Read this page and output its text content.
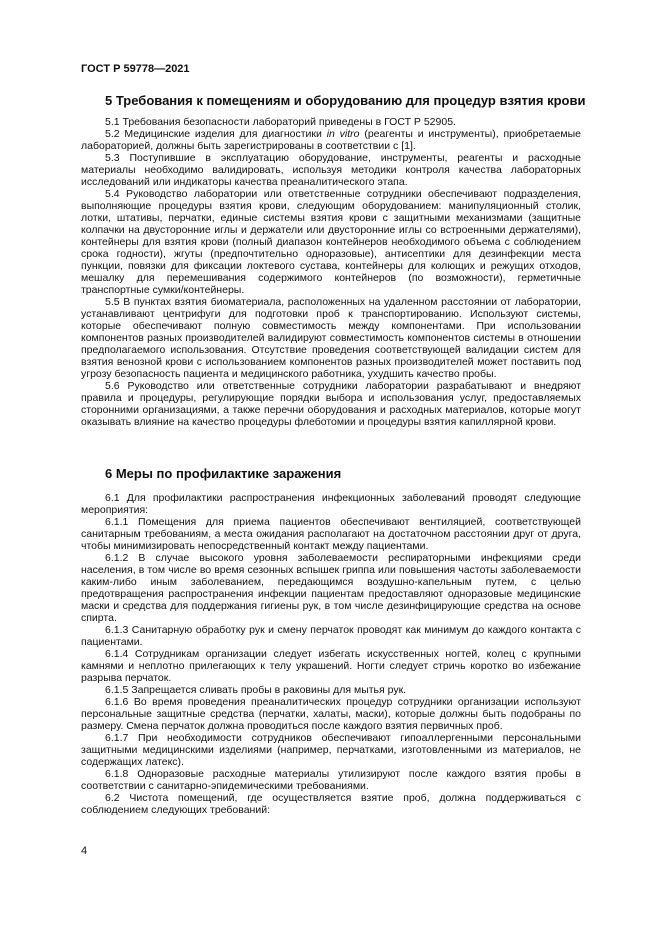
ГОСТ Р 59778—2021
5 Требования к помещениям и оборудованию для процедур взятия крови

5.1 Требования безопасности лабораторий приведены в ГОСТ Р 52905.

5.2 Медицинские изделия для диагностики in vitro (реагенты и инструменты), приобретаемые лабораторией, должны быть зарегистрированы в соответствии с [1].

5.3 Поступившие в эксплуатацию оборудование, инструменты, реагенты и расходные материалы необходимо валидировать, используя методики контроля качества лабораторных исследований или индикаторы качества преаналитического этапа.

5.4 Руководство лаборатории или ответственные сотрудники обеспечивают подразделения, выполняющие процедуры взятия крови, следующим оборудованием: манипуляционный столик, лотки, штативы, перчатки, единые системы взятия крови с защитными механизмами (защитные колпачки на двусторонние иглы и держатели или двусторонние иглы со встроенными держателями), контейнеры для взятия крови (полный диапазон контейнеров необходимого объема с соблюдением срока годности), жгуты (предпочтительно одноразовые), антисептики для дезинфекции места пункции, повязки для фиксации локтевого сустава, контейнеры для колющих и режущих отходов, мешалку для перемешивания содержимого контейнеров (по возможности), герметичные транспортные сумки/контейнеры.

5.5 В пунктах взятия биоматериала, расположенных на удаленном расстоянии от лаборатории, устанавливают центрифуги для подготовки проб к транспортированию. Используют системы, которые обеспечивают полную совместимость между компонентами. При использовании компонентов разных производителей валидируют совместимость компонентов системы в отношении предполагаемого использования. Отсутствие проведения соответствующей валидации систем для взятия венозной крови с использованием компонентов разных производителей может поставить под угрозу безопасность пациента и медицинского работника, ухудшить качество пробы.

5.6 Руководство или ответственные сотрудники лаборатории разрабатывают и внедряют правила и процедуры, регулирующие порядки выбора и использования услуг, предоставляемых сторонними организациями, а также перечни оборудования и расходных материалов, которые могут оказывать влияние на качество процедуры флеботомии и процедуры взятия капиллярной крови.

6 Меры по профилактике заражения

6.1 Для профилактики распространения инфекционных заболеваний проводят следующие мероприятия:

6.1.1 Помещения для приема пациентов обеспечивают вентиляцией, соответствующей санитарным требованиям, а места ожидания располагают на достаточном расстоянии друг от друга, чтобы минимизировать непосредственный контакт между пациентами.

6.1.2 В случае высокого уровня заболеваемости респираторными инфекциями среди населения, в том числе во время сезонных вспышек гриппа или повышения частоты заболеваемости каким-либо иным заболеванием, передающимся воздушно-капельным путем, с целью предотвращения распространения инфекции пациентам предоставляют одноразовые медицинские маски и средства для поддержания гигиены рук, в том числе дезинфицирующие средства на основе спирта.

6.1.3 Санитарную обработку рук и смену перчаток проводят как минимум до каждого контакта с пациентами.

6.1.4 Сотрудникам организации следует избегать искусственных ногтей, колец с крупными камнями и неплотно прилегающих к телу украшений. Ногти следует стричь коротко во избежание разрыва перчаток.

6.1.5 Запрещается сливать пробы в раковины для мытья рук.

6.1.6 Во время проведения преаналитических процедур сотрудники организации используют персональные защитные средства (перчатки, халаты, маски), которые должны быть подобраны по размеру. Смена перчаток должна проводиться после каждого взятия первичных проб.

6.1.7 При необходимости сотрудников обеспечивают гипоаллергенными персональными защитными медицинскими изделиями (например, перчатками, изготовленными из материалов, не содержащих латекс).

6.1.8 Одноразовые расходные материалы утилизируют после каждого взятия пробы в соответствии с санитарно-эпидемическими требованиями.

6.2 Чистота помещений, где осуществляется взятие проб, должна поддерживаться с соблюдением следующих требований:

4
